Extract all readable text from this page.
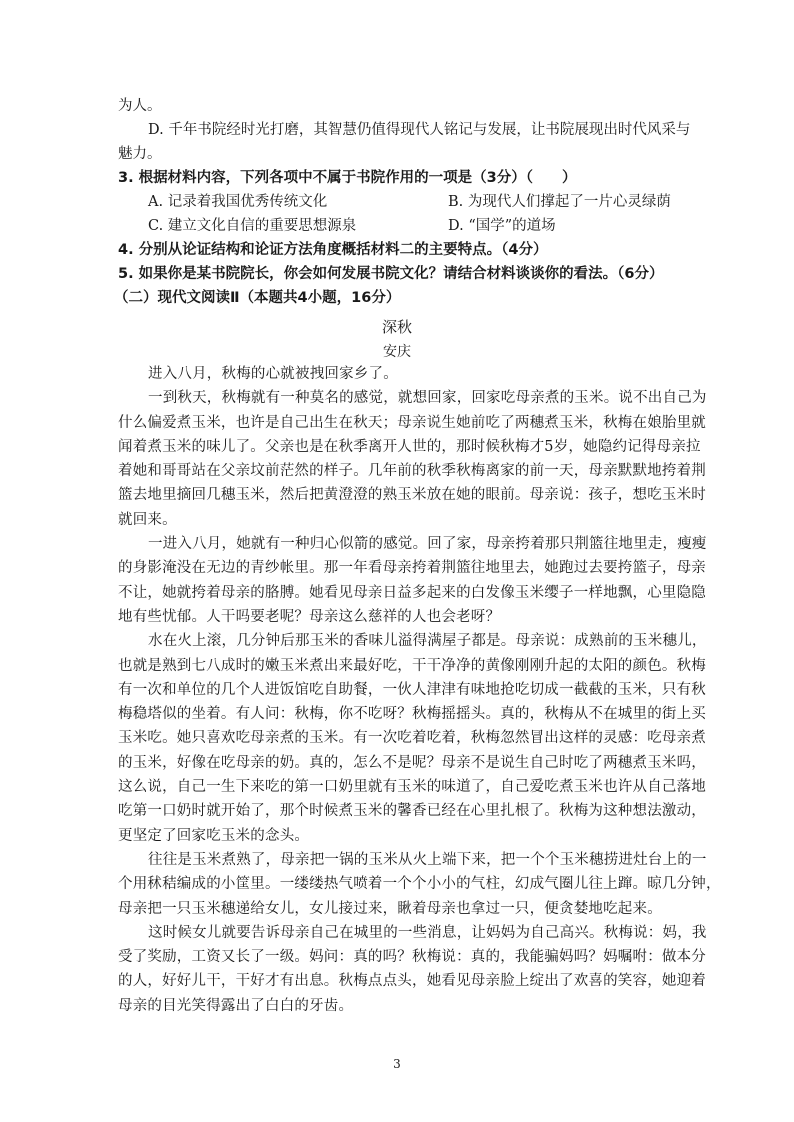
为人。
D. 千年书院经时光打磨，其智慧仍值得现代人铭记与发展，让书院展现出时代风采与
魅力。
3. 根据材料内容，下列各项中不属于书院作用的一项是（3分）（　　）
A. 记录着我国优秀传统文化	B. 为现代人们撑起了一片心灵绿荫
C. 建立文化自信的重要思想源泉	D. “国学”的道场
4. 分别从论证结构和论证方法角度概括材料二的主要特点。（4分）
5. 如果你是某书院院长，你会如何发展书院文化？请结合材料谈谈你的看法。（6分）
（二）现代文阅读Ⅱ（本题共4小题，16分）
深秋
安庆
进入八月，秋梅的心就被拽回家乡了。
一到秋天，秋梅就有一种莫名的感觉，就想回家，回家吃母亲煮的玉米。说不出自己为
什么偏爱煮玉米，也许是自己出生在秋天；母亲说生她前吃了两穗煮玉米，秋梅在娘胎里就
闻着煮玉米的味儿了。父亲也是在秋季离开人世的，那时候秋梅才5岁，她隐约记得母亲拉
着她和哥哥站在父亲坟前茫然的样子。几年前的秋季秋梅离家的前一天，母亲默默地挎着荆
篮去地里摘回几穗玉米，然后把黄澄澄的熟玉米放在她的眼前。母亲说：孩子，想吃玉米时
就回来。
一进入八月，她就有一种归心似箭的感觉。回了家，母亲挎着那只荆篮往地里走，瘦瘦
的身影淹没在无边的青纱帐里。那一年看母亲挎着荆篮往地里去，她跑过去要挎篮子，母亲
不让，她就挎着母亲的胳膊。她看见母亲日益多起来的白发像玉米缨子一样地飘，心里隐隐
地有些忧郁。人干吗要老呢？母亲这么慈祥的人也会老呀？
水在火上滚，几分钟后那玉米的香味儿溢得满屋子都是。母亲说：成熟前的玉米穗儿，
也就是熟到七八成时的嫩玉米煮出来最好吃，干干净净的黄像刚刚升起的太阳的颜色。秋梅
有一次和单位的几个人进饭馆吃自助餐，一伙人津津有味地抢吃切成一截截的玉米，只有秋
梅稳塔似的坐着。有人问：秋梅，你不吃呀？秋梅摇摇头。真的，秋梅从不在城里的街上买
玉米吃。她只喜欢吃母亲煮的玉米。有一次吃着吃着，秋梅忽然冒出这样的灵感：吃母亲煮
的玉米，好像在吃母亲的奶。真的，怎么不是呢？母亲不是说生自己时吃了两穗煮玉米吗，
这么说，自己一生下来吃的第一口奶里就有玉米的味道了，自己爱吃煮玉米也许从自己落地
吃第一口奶时就开始了，那个时候煮玉米的馨香已经在心里扎根了。秋梅为这种想法激动，
更坚定了回家吃玉米的念头。
往往是玉米煮熟了，母亲把一锅的玉米从火上端下来，把一个个玉米穗捞进灶台上的一
个用秫秸编成的小筐里。一缕缕热气喷着一个个小小的气柱，幻成气圈儿往上蹿。晾几分钟，
母亲把一只玉米穗递给女儿，女儿接过来，瞅着母亲也拿过一只，便贪婪地吃起来。
这时候女儿就要告诉母亲自己在城里的一些消息，让妈妈为自己高兴。秋梅说：妈，我
受了奖励，工资又长了一级。妈问：真的吗？秋梅说：真的，我能骗妈吗？妈嘱咐：做本分
的人，好好儿干，干好才有出息。秋梅点点头，她看见母亲脸上绽出了欢喜的笑容，她迎着
母亲的目光笑得露出了白白的牙齿。
3
